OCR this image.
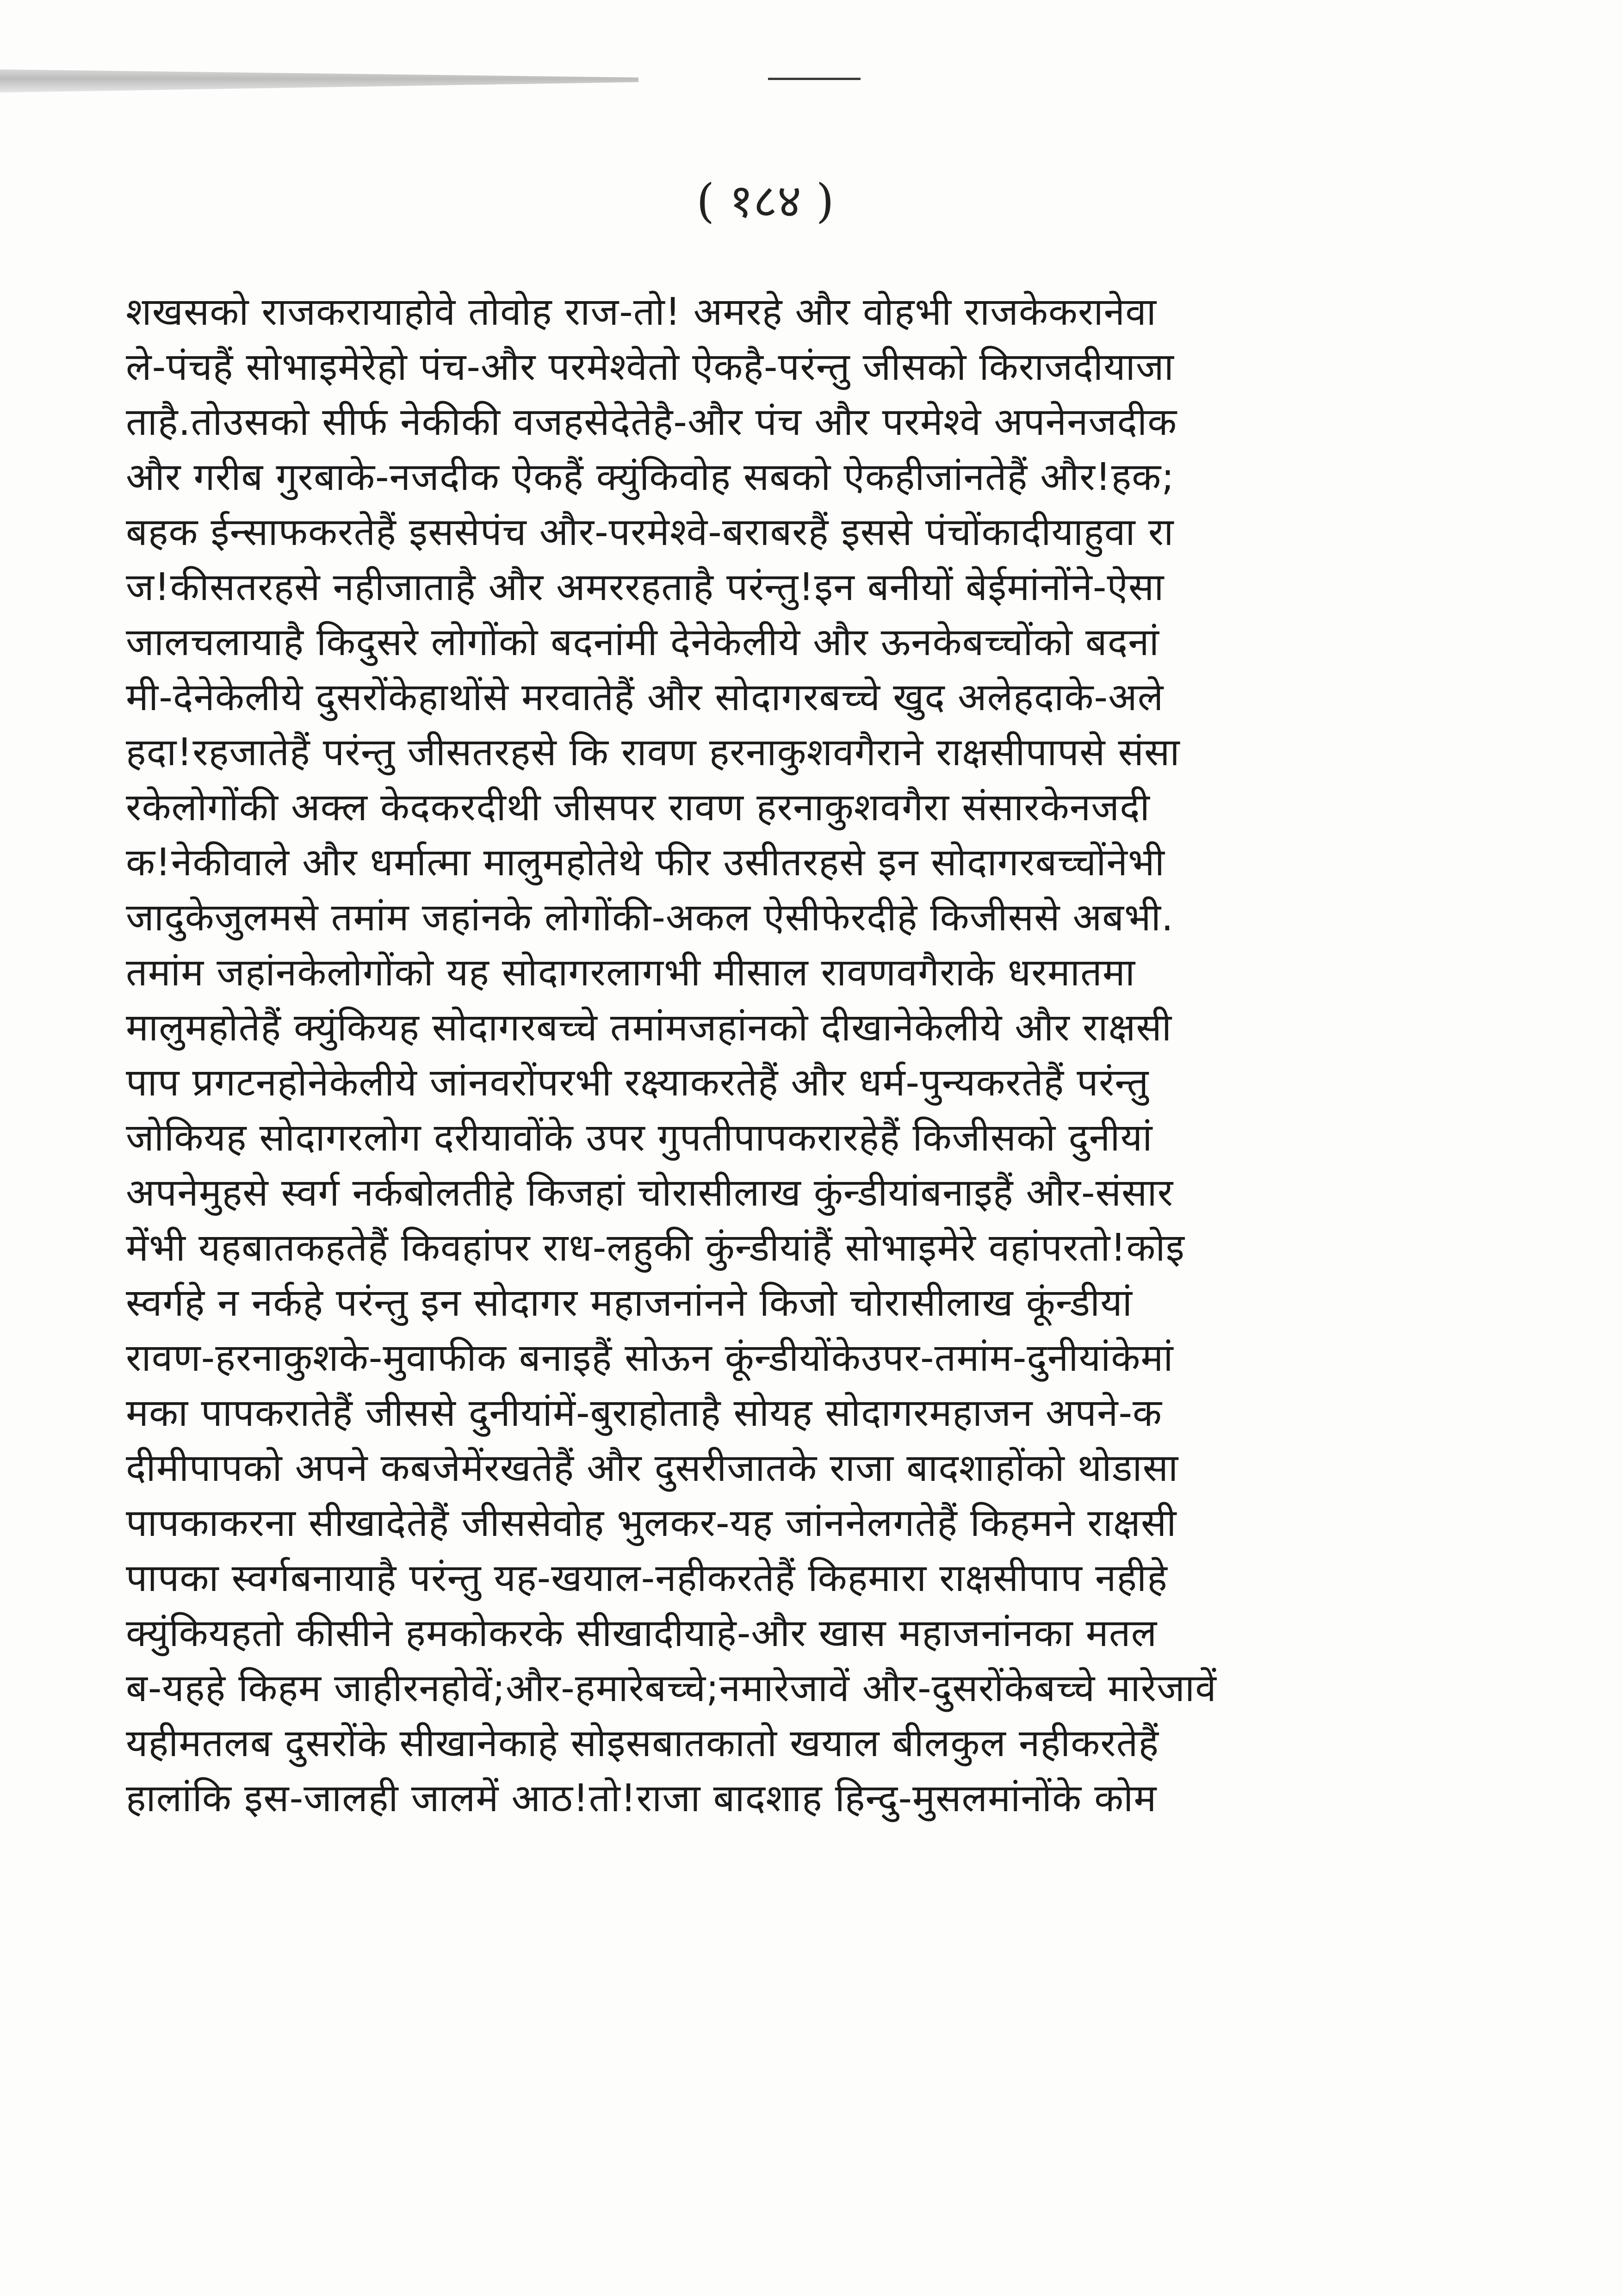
( १८४ )
शखसको राजकरायाहोवे तोवोह राज-तो! अमरहे और वोहभी राजकेकरानेवा
ले-पंचहैं सोभाइमेरेहो पंच-और परमेश्वेतो ऐकहै-परंन्तु जीसको किराजदीयाजा
ताहै.तोउसको सीर्फ नेकीकी वजहसेदेतेहै-और पंच और परमेश्वे अपनेनजदीक
और गरीब गुरबाके-नजदीक ऐकहैं क्युंकिवोह सबको ऐकहीजांनतेहैं और!हक;
बहक ईन्साफकरतेहैं इससेपंच और-परमेश्वे-बराबरहैं इससे पंचोंकादीयाहुवा रा
ज!कीसतरहसे नहीजाताहै और अमररहताहै परंन्तु!इन बनीयों बेईमांनोंने-ऐसा
जालचलायाहै किदुसरे लोगोंको बदनांमी देनेकेलीये और ऊनकेबच्चोंको बदनां
मी-देनेकेलीये दुसरोंकेहाथोंसे मरवातेहैं और सोदागरबच्चे खुद अलेहदाके-अले
हदा!रहजातेहैं परंन्तु जीसतरहसे कि रावण हरनाकुशवगैराने राक्षसीपापसे संसा
रकेलोगोंकी अक्ल केदकरदीथी जीसपर रावण हरनाकुशवगैरा संसारकेनजदी
क!नेकीवाले और धर्मात्मा मालुमहोतेथे फीर उसीतरहसे इन सोदागरबच्चोंनेभी
जादुकेजुलमसे तमांम जहांनके लोगोंकी-अकल ऐसीफेरदीहे किजीससे अबभी.
तमांम जहांनकेलोगोंको यह सोदागरलागभी मीसाल रावणवगैराके धरमातमा
मालुमहोतेहैं क्युंकियह सोदागरबच्चे तमांमजहांनको दीखानेकेलीये और राक्षसी
पाप प्रगटनहोनेकेलीये जांनवरोंपरभी रक्ष्याकरतेहैं और धर्म-पुन्यकरतेहैं परंन्तु
जोकियह सोदागरलोग दरीयावोंके उपर गुपतीपापकरारहेहैं किजीसको दुनीयां
अपनेमुहसे स्वर्ग नर्कबोलतीहे किजहां चोरासीलाख कुंन्डीयांबनाइहैं और-संसार
मेंभी यहबातकहतेहैं किवहांपर राध-लहुकी कुंन्डीयांहैं सोभाइमेरे वहांपरतो!कोइ
स्वर्गहे न नर्कहे परंन्तु इन सोदागर महाजनांनने किजो चोरासीलाख कूंन्डीयां
रावण-हरनाकुशके-मुवाफीक बनाइहैं सोऊन कूंन्डीयोंकेउपर-तमांम-दुनीयांकेमां
मका पापकरातेहैं जीससे दुनीयांमें-बुराहोताहै सोयह सोदागरमहाजन अपने-क
दीमीपापको अपने कबजेमेंरखतेहैं और दुसरीजातके राजा बादशाहोंको थोडासा
पापकाकरना सीखादेतेहैं जीससेवोह भुलकर-यह जांननेलगतेहैं किहमने राक्षसी
पापका स्वर्गबनायाहै परंन्तु यह-खयाल-नहीकरतेहैं किहमारा राक्षसीपाप नहीहे
क्युंकियहतो कीसीने हमकोकरके सीखादीयाहे-और खास महाजनांनका मतल
ब-यहहे किहम जाहीरनहोवें;और-हमारेबच्चे;नमारेजावें और-दुसरोंकेबच्चे मारेजावें
यहीमतलब दुसरोंके सीखानेकाहे सोइसबातकातो खयाल बीलकुल नहीकरतेहैं
हालांकि इस-जालही जालमें आठ!तो!राजा बादशाह हिन्दु-मुसलमांनोंके कोम
